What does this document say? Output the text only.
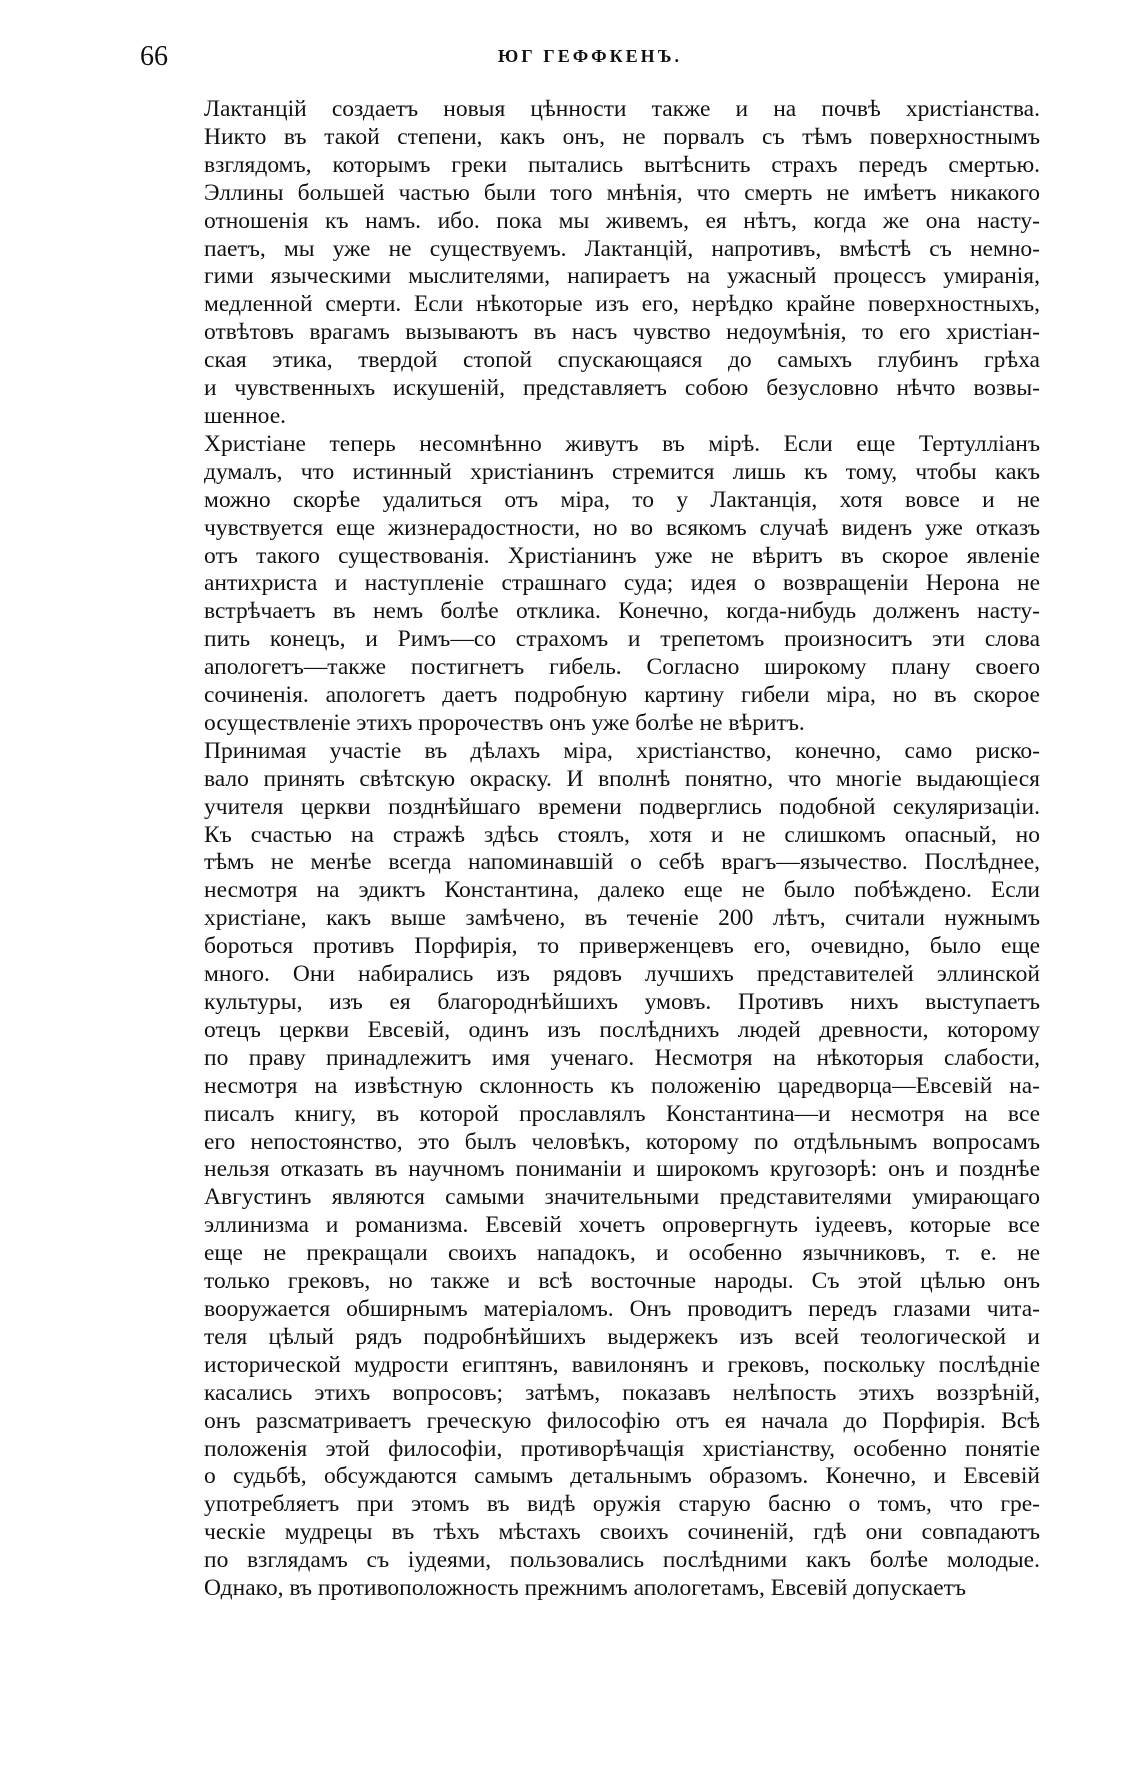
66	ЮГ ГЕФФКЕНЪ.

Лактанцiй создаетъ новыя цѣнности также и на почвѣ христiанства.
Никто въ такой степени, какъ онъ, не порвалъ съ тѣмъ поверхностнымъ
взглядомъ, которымъ греки пытались вытѣснить страхъ передъ смертью.
Эллины большей частью были того мнѣнiя, что смерть не имѣетъ никакого
отношенiя къ намъ. ибо. пока мы живемъ, ея нѣтъ, когда же она насту-
паетъ, мы уже не существуемъ. Лактанцiй, напротивъ, вмѣстѣ съ немно-
гими языческими мыслителями, напираетъ на ужасный процессъ умиранiя,
медленной смерти. Если нѣкоторые изъ его, нерѣдко крайне поверхностныхъ,
отвѣтовъ врагамъ вызываютъ въ насъ чувство недоумѣнiя, то его христiан-
ская этика, твердой стопой спускающаяся до самыхъ глубинъ грѣха
и чувственныхъ искушенiй, представляетъ собою безусловно нѣчто возвы-
шенное.

Христiане теперь несомнѣнно живутъ въ мiрѣ. Если еще Тертулліанъ
думалъ, что истинный христiанинъ стремится лишь къ тому, чтобы какъ
можно скорѣе удалиться отъ мiра, то у Лактанцiя, хотя вовсе и не
чувствуется еще жизнерадостности, но во всякомъ случаѣ виденъ уже отказъ
отъ такого существованiя. Христiанинъ уже не вѣритъ въ скорое явленiе
антихриста и наступленiе страшнаго суда; идея о возвращенiи Нерона не
встрѣчаетъ въ немъ болѣе отклика. Конечно, когда-нибудь долженъ насту-
пить конецъ, и Римъ—со страхомъ и трепетомъ произноситъ эти слова
апологетъ—также постигнетъ гибель. Согласно широкому плану своего
сочиненiя. апологетъ даетъ подробную картину гибели мiра, но въ скорое
осуществленiе этихъ пророчествъ онъ уже болѣе не вѣритъ.

Принимая участiе въ дѣлахъ мiра, христiанство, конечно, само риско-
вало принять свѣтскую окраску. И вполнѣ понятно, что многiе выдающiеся
учителя церкви позднѣйшаго времени подверглись подобной секуляризацiи.
Къ счастью на стражѣ здѣсь стоялъ, хотя и не слишкомъ опасный, но
тѣмъ не менѣе всегда напоминавшiй о себѣ врагъ—язычество. Послѣднее,
несмотря на эдиктъ Константина, далеко еще не было побѣждено. Если
христiане, какъ выше замѣчено, въ теченiе 200 лѣтъ, считали нужнымъ
бороться противъ Порфирiя, то приверженцевъ его, очевидно, было еще
много. Они набирались изъ рядовъ лучшихъ представителей эллинской
культуры, изъ ея благороднѣйшихъ умовъ. Противъ нихъ выступаетъ
отецъ церкви Евсевiй, одинъ изъ послѣднихъ людей древности, которому
по праву принадлежитъ имя ученаго. Несмотря на нѣкоторыя слабости,
несмотря на извѣстную склонность къ положенiю царедворца—Евсевiй на-
писалъ книгу, въ которой прославлялъ Константина—и несмотря на все
его непостоянство, это былъ человѣкъ, которому по отдѣльнымъ вопросамъ
нельзя отказать въ научномъ пониманiи и широкомъ кругозорѣ: онъ и позднѣе
Августинъ являются самыми значительными представителями умирающаго
эллинизма и романизма. Евсевiй хочетъ опровергнуть iудеевъ, которые все
еще не прекращали своихъ нападокъ, и особенно язычниковъ, т. е. не
только грековъ, но также и всѣ восточные народы. Съ этой цѣлью онъ
вооружается обширнымъ матерiаломъ. Онъ проводитъ передъ глазами чита-
теля цѣлый рядъ подробнѣйшихъ выдержекъ изъ всей теологической и
исторической мудрости египтянъ, вавилонянъ и грековъ, поскольку послѣднiе
касались этихъ вопросовъ; затѣмъ, показавъ нелѣпость этихъ воззрѣнiй,
онъ разсматриваетъ греческую философiю отъ ея начала до Порфирiя. Всѣ
положенiя этой философiи, противорѣчащiя христiанству, особенно понятiе
о судьбѣ, обсуждаются самымъ детальнымъ образомъ. Конечно, и Евсевiй
употребляетъ при этомъ въ видѣ оружiя старую басню о томъ, что гре-
ческiе мудрецы въ тѣхъ мѣстахъ своихъ сочиненiй, гдѣ они совпадаютъ
по взглядамъ съ iудеями, пользовались послѣдними какъ болѣе молодые.
Однако, въ противоположность прежнимъ апологетамъ, Евсевiй допускаетъ
